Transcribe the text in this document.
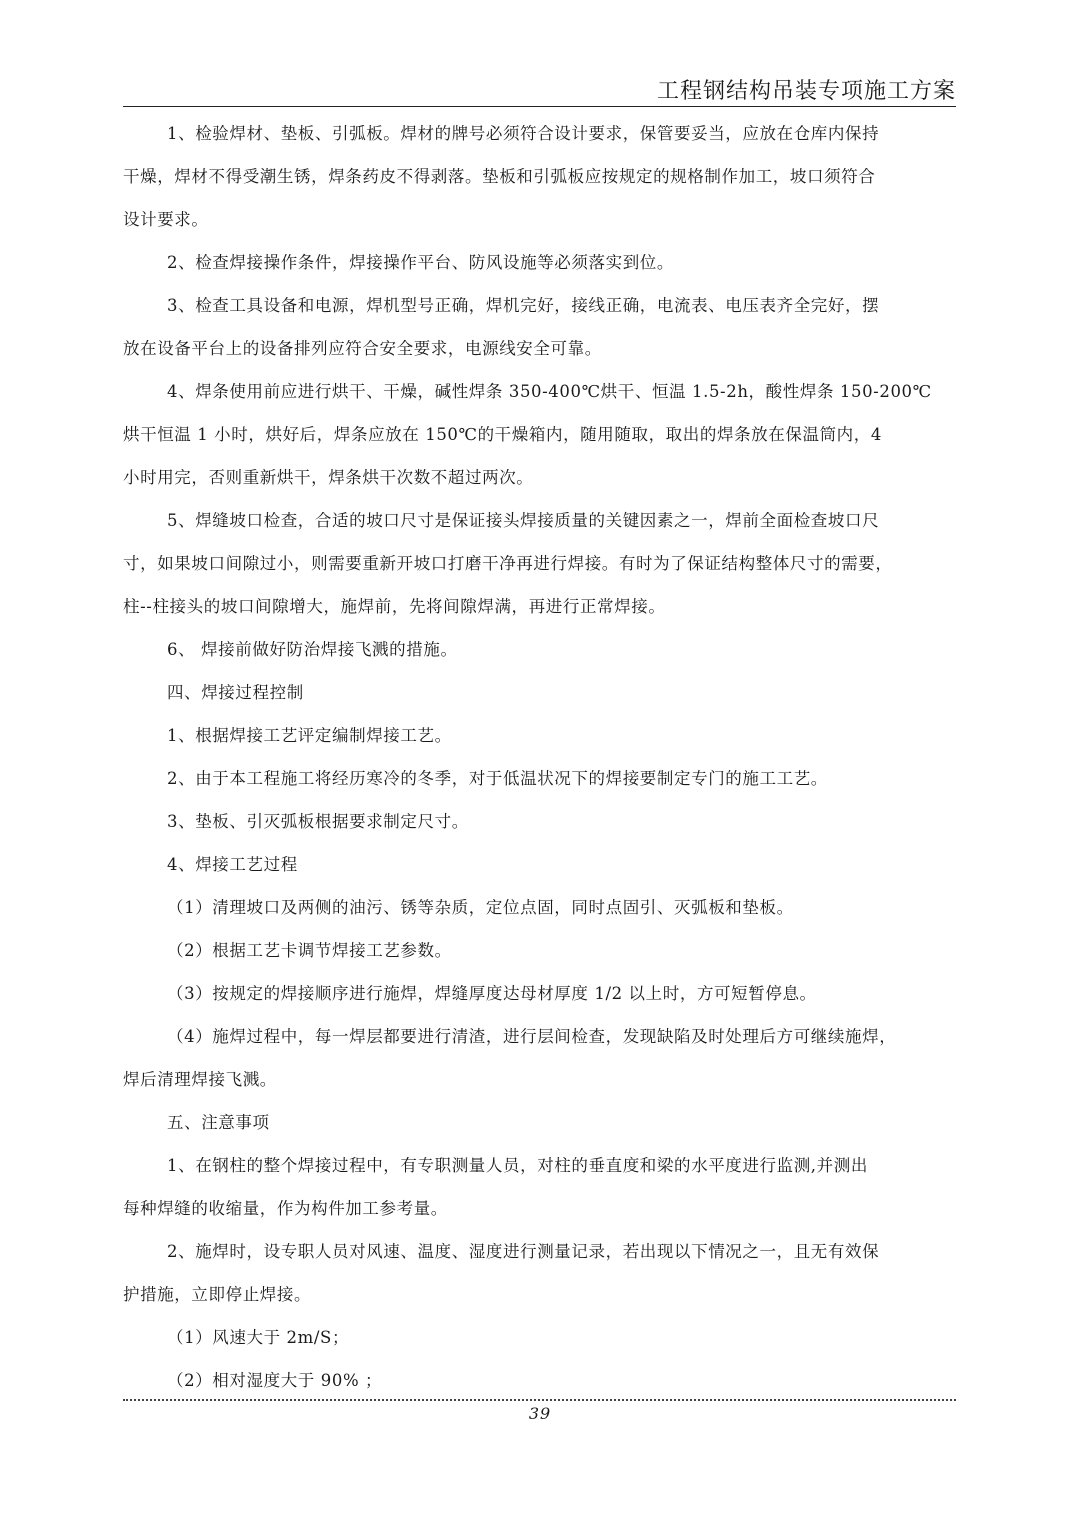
工程钢结构吊装专项施工方案
1、检验焊材、垫板、引弧板。焊材的牌号必须符合设计要求，保管要妥当，应放在仓库内保持
干燥，焊材不得受潮生锈，焊条药皮不得剥落。垫板和引弧板应按规定的规格制作加工，坡口须符合
设计要求。
2、检查焊接操作条件，焊接操作平台、防风设施等必须落实到位。
3、检查工具设备和电源，焊机型号正确，焊机完好，接线正确，电流表、电压表齐全完好，摆
放在设备平台上的设备排列应符合安全要求，电源线安全可靠。
4、焊条使用前应进行烘干、干燥，碱性焊条 350-400℃烘干、恒温 1.5-2h，酸性焊条 150-200℃
烘干恒温 1 小时，烘好后，焊条应放在 150℃的干燥箱内，随用随取，取出的焊条放在保温筒内，4
小时用完，否则重新烘干，焊条烘干次数不超过两次。
5、焊缝坡口检查，合适的坡口尺寸是保证接头焊接质量的关键因素之一，焊前全面检查坡口尺
寸，如果坡口间隙过小，则需要重新开坡口打磨干净再进行焊接。有时为了保证结构整体尺寸的需要，
柱--柱接头的坡口间隙增大，施焊前，先将间隙焊满，再进行正常焊接。
6、 焊接前做好防治焊接飞溅的措施。
四、焊接过程控制
1、根据焊接工艺评定编制焊接工艺。
2、由于本工程施工将经历寒冷的冬季，对于低温状况下的焊接要制定专门的施工工艺。
3、垫板、引灭弧板根据要求制定尺寸。
4、焊接工艺过程
（1）清理坡口及两侧的油污、锈等杂质，定位点固，同时点固引、灭弧板和垫板。
（2）根据工艺卡调节焊接工艺参数。
（3）按规定的焊接顺序进行施焊，焊缝厚度达母材厚度 1/2 以上时，方可短暂停息。
（4）施焊过程中，每一焊层都要进行清渣，进行层间检查，发现缺陷及时处理后方可继续施焊，
焊后清理焊接飞溅。
五、注意事项
1、在钢柱的整个焊接过程中，有专职测量人员，对柱的垂直度和梁的水平度进行监测,并测出
每种焊缝的收缩量，作为构件加工参考量。
2、施焊时，设专职人员对风速、温度、湿度进行测量记录，若出现以下情况之一，且无有效保
护措施，立即停止焊接。
（1）风速大于 2m/S；
（2）相对湿度大于 90% ；
39
